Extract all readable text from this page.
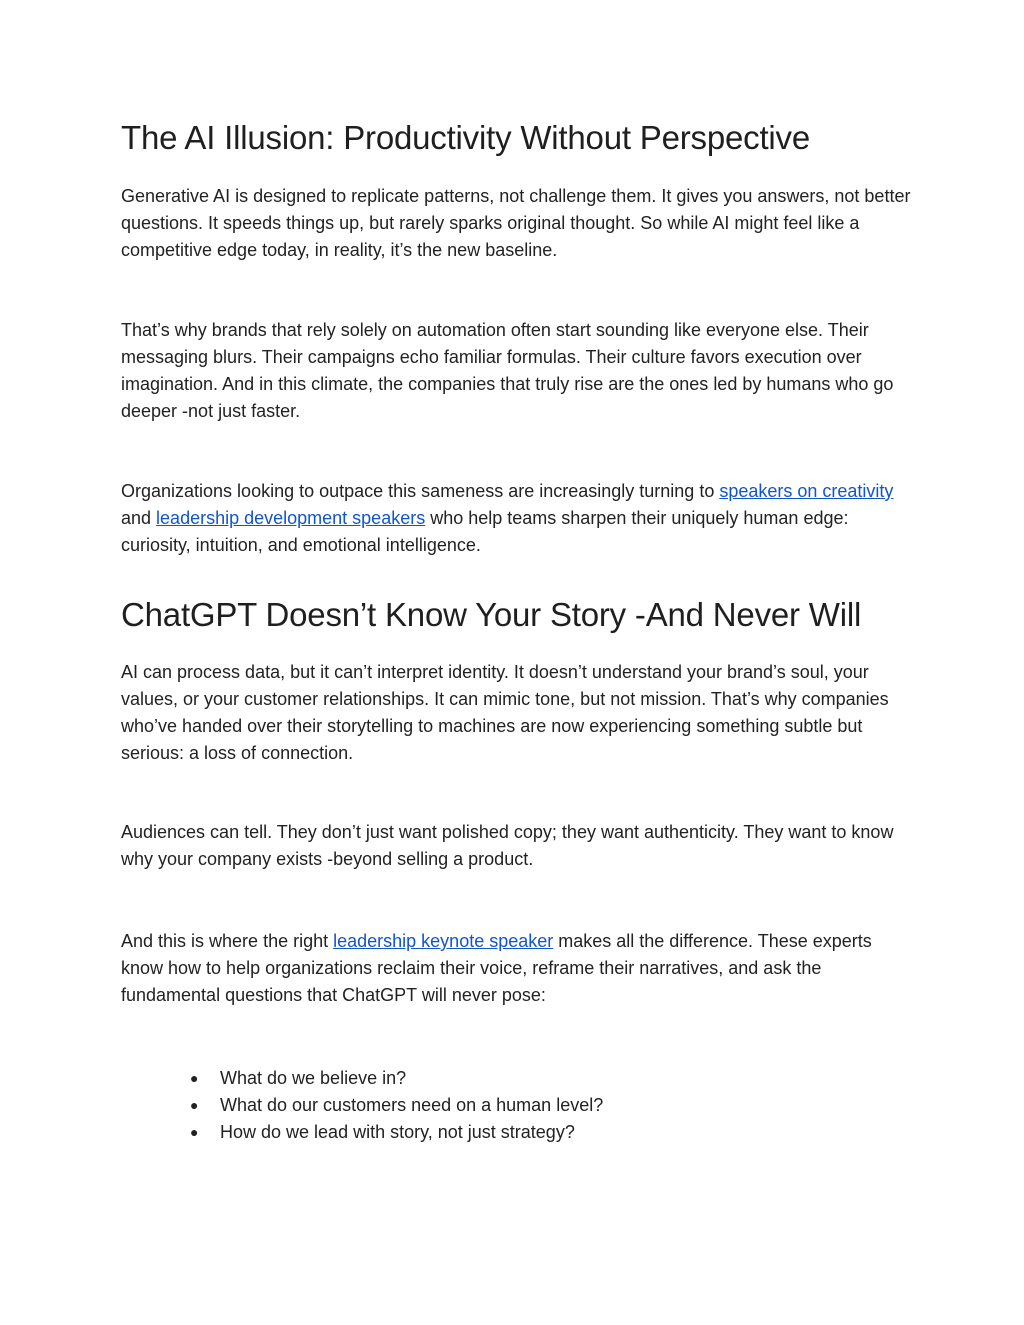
The AI Illusion: Productivity Without Perspective

Generative AI is designed to replicate patterns, not challenge them. It gives you answers, not better questions. It speeds things up, but rarely sparks original thought. So while AI might feel like a competitive edge today, in reality, it’s the new baseline.

That’s why brands that rely solely on automation often start sounding like everyone else. Their messaging blurs. Their campaigns echo familiar formulas. Their culture favors execution over imagination. And in this climate, the companies that truly rise are the ones led by humans who go deeper -not just faster.

Organizations looking to outpace this sameness are increasingly turning to speakers on creativity and leadership development speakers who help teams sharpen their uniquely human edge: curiosity, intuition, and emotional intelligence.

ChatGPT Doesn’t Know Your Story -And Never Will

AI can process data, but it can’t interpret identity. It doesn’t understand your brand’s soul, your values, or your customer relationships. It can mimic tone, but not mission. That’s why companies who’ve handed over their storytelling to machines are now experiencing something subtle but serious: a loss of connection.

Audiences can tell. They don’t just want polished copy; they want authenticity. They want to know why your company exists -beyond selling a product.

And this is where the right leadership keynote speaker makes all the difference. These experts know how to help organizations reclaim their voice, reframe their narratives, and ask the fundamental questions that ChatGPT will never pose:

● What do we believe in?
● What do our customers need on a human level?
● How do we lead with story, not just strategy?
